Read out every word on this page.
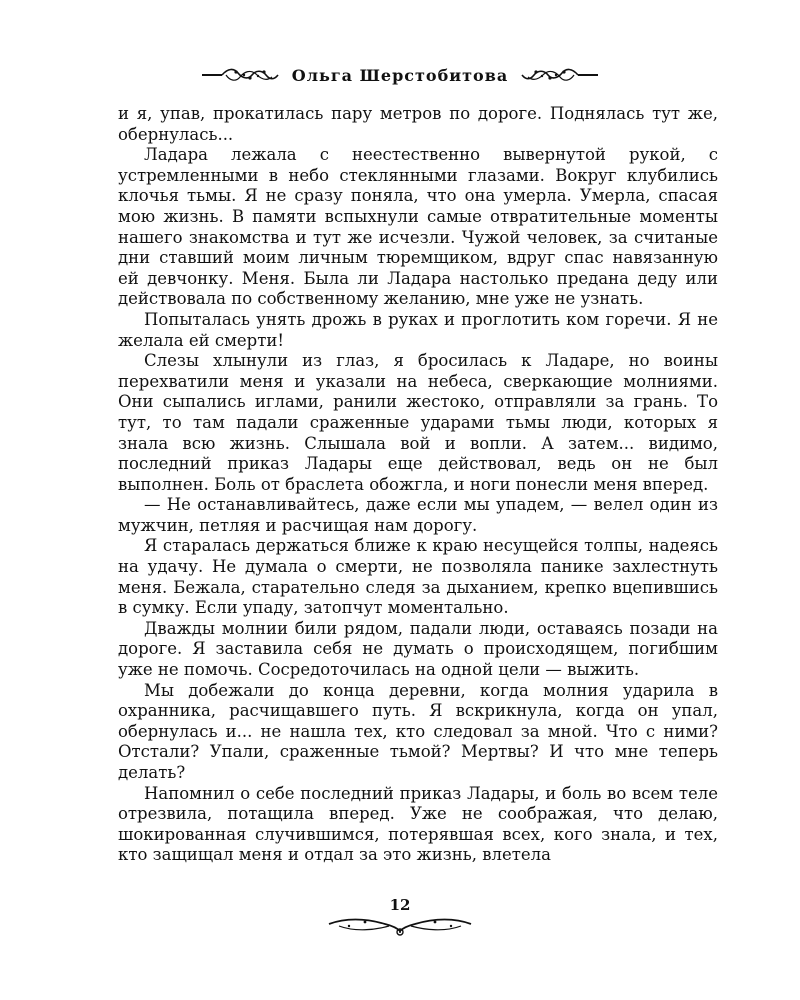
Ольга Шерстобитова

и я, упав, прокатилась пару метров по дороге. Поднялась тут же, обернулась...

Ладара лежала с неестественно вывернутой рукой, с устремленными в небо стеклянными глазами. Вокруг клубились клочья тьмы. Я не сразу поняла, что она умерла. Умерла, спасая мою жизнь. В памяти вспыхнули самые отвратительные моменты нашего знакомства и тут же исчезли. Чужой человек, за считаные дни ставший моим личным тюремщиком, вдруг спас навязанную ей девчонку. Меня. Была ли Ладара настолько предана деду или действовала по собственному желанию, мне уже не узнать.

Попыталась унять дрожь в руках и проглотить ком горечи. Я не желала ей смерти!

Слезы хлынули из глаз, я бросилась к Ладаре, но воины перехватили меня и указали на небеса, сверкающие молниями. Они сыпались иглами, ранили жестоко, отправляли за грань. То тут, то там падали сраженные ударами тьмы люди, которых я знала всю жизнь. Слышала вой и вопли. А затем... видимо, последний приказ Ладары еще действовал, ведь он не был выполнен. Боль от браслета обожгла, и ноги понесли меня вперед.

— Не останавливайтесь, даже если мы упадем, — велел один из мужчин, петляя и расчищая нам дорогу.

Я старалась держаться ближе к краю несущейся толпы, надеясь на удачу. Не думала о смерти, не позволяла панике захлестнуть меня. Бежала, старательно следя за дыханием, крепко вцепившись в сумку. Если упаду, затопчут моментально.

Дважды молнии били рядом, падали люди, оставаясь позади на дороге. Я заставила себя не думать о происходящем, погибшим уже не помочь. Сосредоточилась на одной цели — выжить.

Мы добежали до конца деревни, когда молния ударила в охранника, расчищавшего путь. Я вскрикнула, когда он упал, обернулась и... не нашла тех, кто следовал за мной. Что с ними? Отстали? Упали, сраженные тьмой? Мертвы? И что мне теперь делать?

Напомнил о себе последний приказ Ладары, и боль во всем теле отрезвила, потащила вперед. Уже не соображая, что делаю, шокированная случившимся, потерявшая всех, кого знала, и тех, кто защищал меня и отдал за это жизнь, влетела

12
